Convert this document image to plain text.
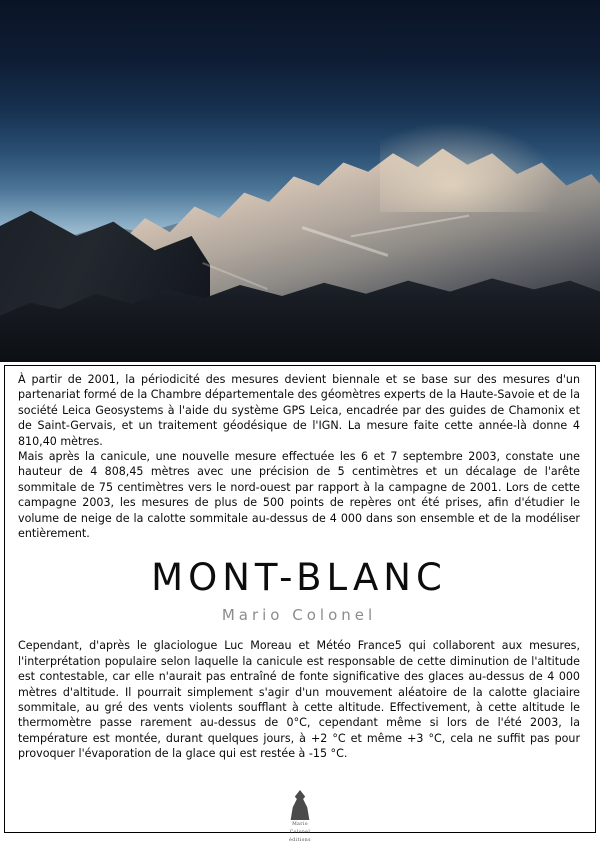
À partir de 2001, la périodicité des mesures devient biennale et se base sur des mesures d'un partenariat formé de la Chambre départementale des géomètres experts de la Haute-Savoie et de la société Leica Geosystems à l'aide du système GPS Leica, encadrée par des guides de Chamonix et de Saint-Gervais, et un traitement géodésique de l'IGN. La mesure faite cette année-là donne 4 810,40 mètres.

Mais après la canicule, une nouvelle mesure effectuée les 6 et 7 septembre 2003, constate une hauteur de 4 808,45 mètres avec une précision de 5 centimètres et un décalage de l'arête sommitale de 75 centimètres vers le nord-ouest par rapport à la campagne de 2001. Lors de cette campagne 2003, les mesures de plus de 500 points de repères ont été prises, afin d'étudier le volume de neige de la calotte sommitale au-dessus de 4 000 dans son ensemble et de la modéliser entièrement.

MONT-BLANC
Mario Colonel

Cependant, d'après le glaciologue Luc Moreau et Météo France5 qui collaborent aux mesures, l'interprétation populaire selon laquelle la canicule est responsable de cette diminution de l'altitude est contestable, car elle n'aurait pas entraîné de fonte significative des glaces au-dessus de 4 000 mètres d'altitude. Il pourrait simplement s'agir d'un mouvement aléatoire de la calotte glaciaire sommitale, au gré des vents violents soufflant à cette altitude. Effectivement, à cette altitude le thermomètre passe rarement au-dessus de 0°C, cependant même si lors de l'été 2003, la température est montée, durant quelques jours, à +2 °C et même +3 °C, cela ne suffit pas pour provoquer l'évaporation de la glace qui est restée à -15 °C.

Mario
Colonel
éditions
